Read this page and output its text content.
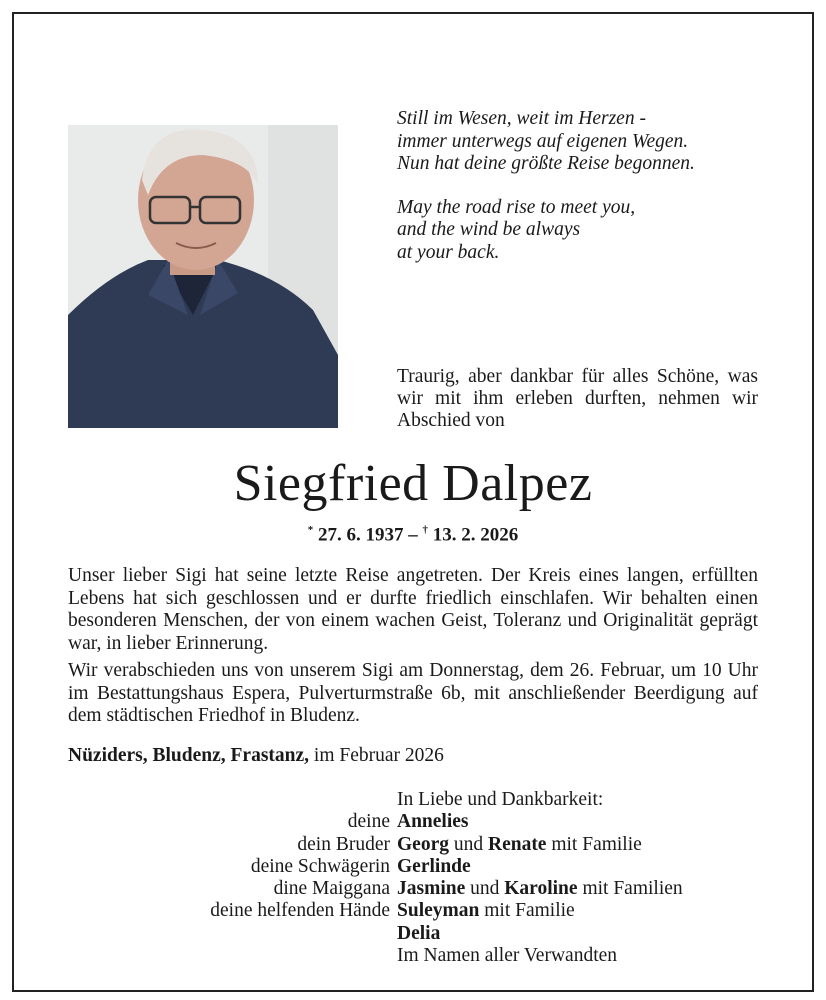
Still im Wesen, weit im Herzen -
immer unterwegs auf eigenen Wegen.
Nun hat deine größte Reise begonnen.

May the road rise to meet you,
and the wind be always
at your back.

Traurig, aber dankbar für alles Schöne, was wir mit ihm erleben durften, nehmen wir Abschied von
Siegfried Dalpez
* 27. 6. 1937 – † 13. 2. 2026

Unser lieber Sigi hat seine letzte Reise angetreten. Der Kreis eines langen, erfüllten Lebens hat sich geschlossen und er durfte friedlich einschlafen. Wir behalten einen besonderen Menschen, der von einem wachen Geist, Toleranz und Originalität geprägt war, in lieber Erinnerung.

Wir verabschieden uns von unserem Sigi am Donnerstag, dem 26. Februar, um 10 Uhr im Bestattungshaus Espera, Pulverturmstraße 6b, mit anschließender Beerdigung auf dem städtischen Friedhof in Bludenz.

Nüziders, Bludenz, Frastanz, im Februar 2026
In Liebe und Dankbarkeit:
deine Annelies
dein Bruder Georg und Renate mit Familie
deine Schwägerin Gerlinde
dine Maiggana Jasmine und Karoline mit Familien
deine helfenden Hände Suleyman mit Familie
Delia
Im Namen aller Verwandten
